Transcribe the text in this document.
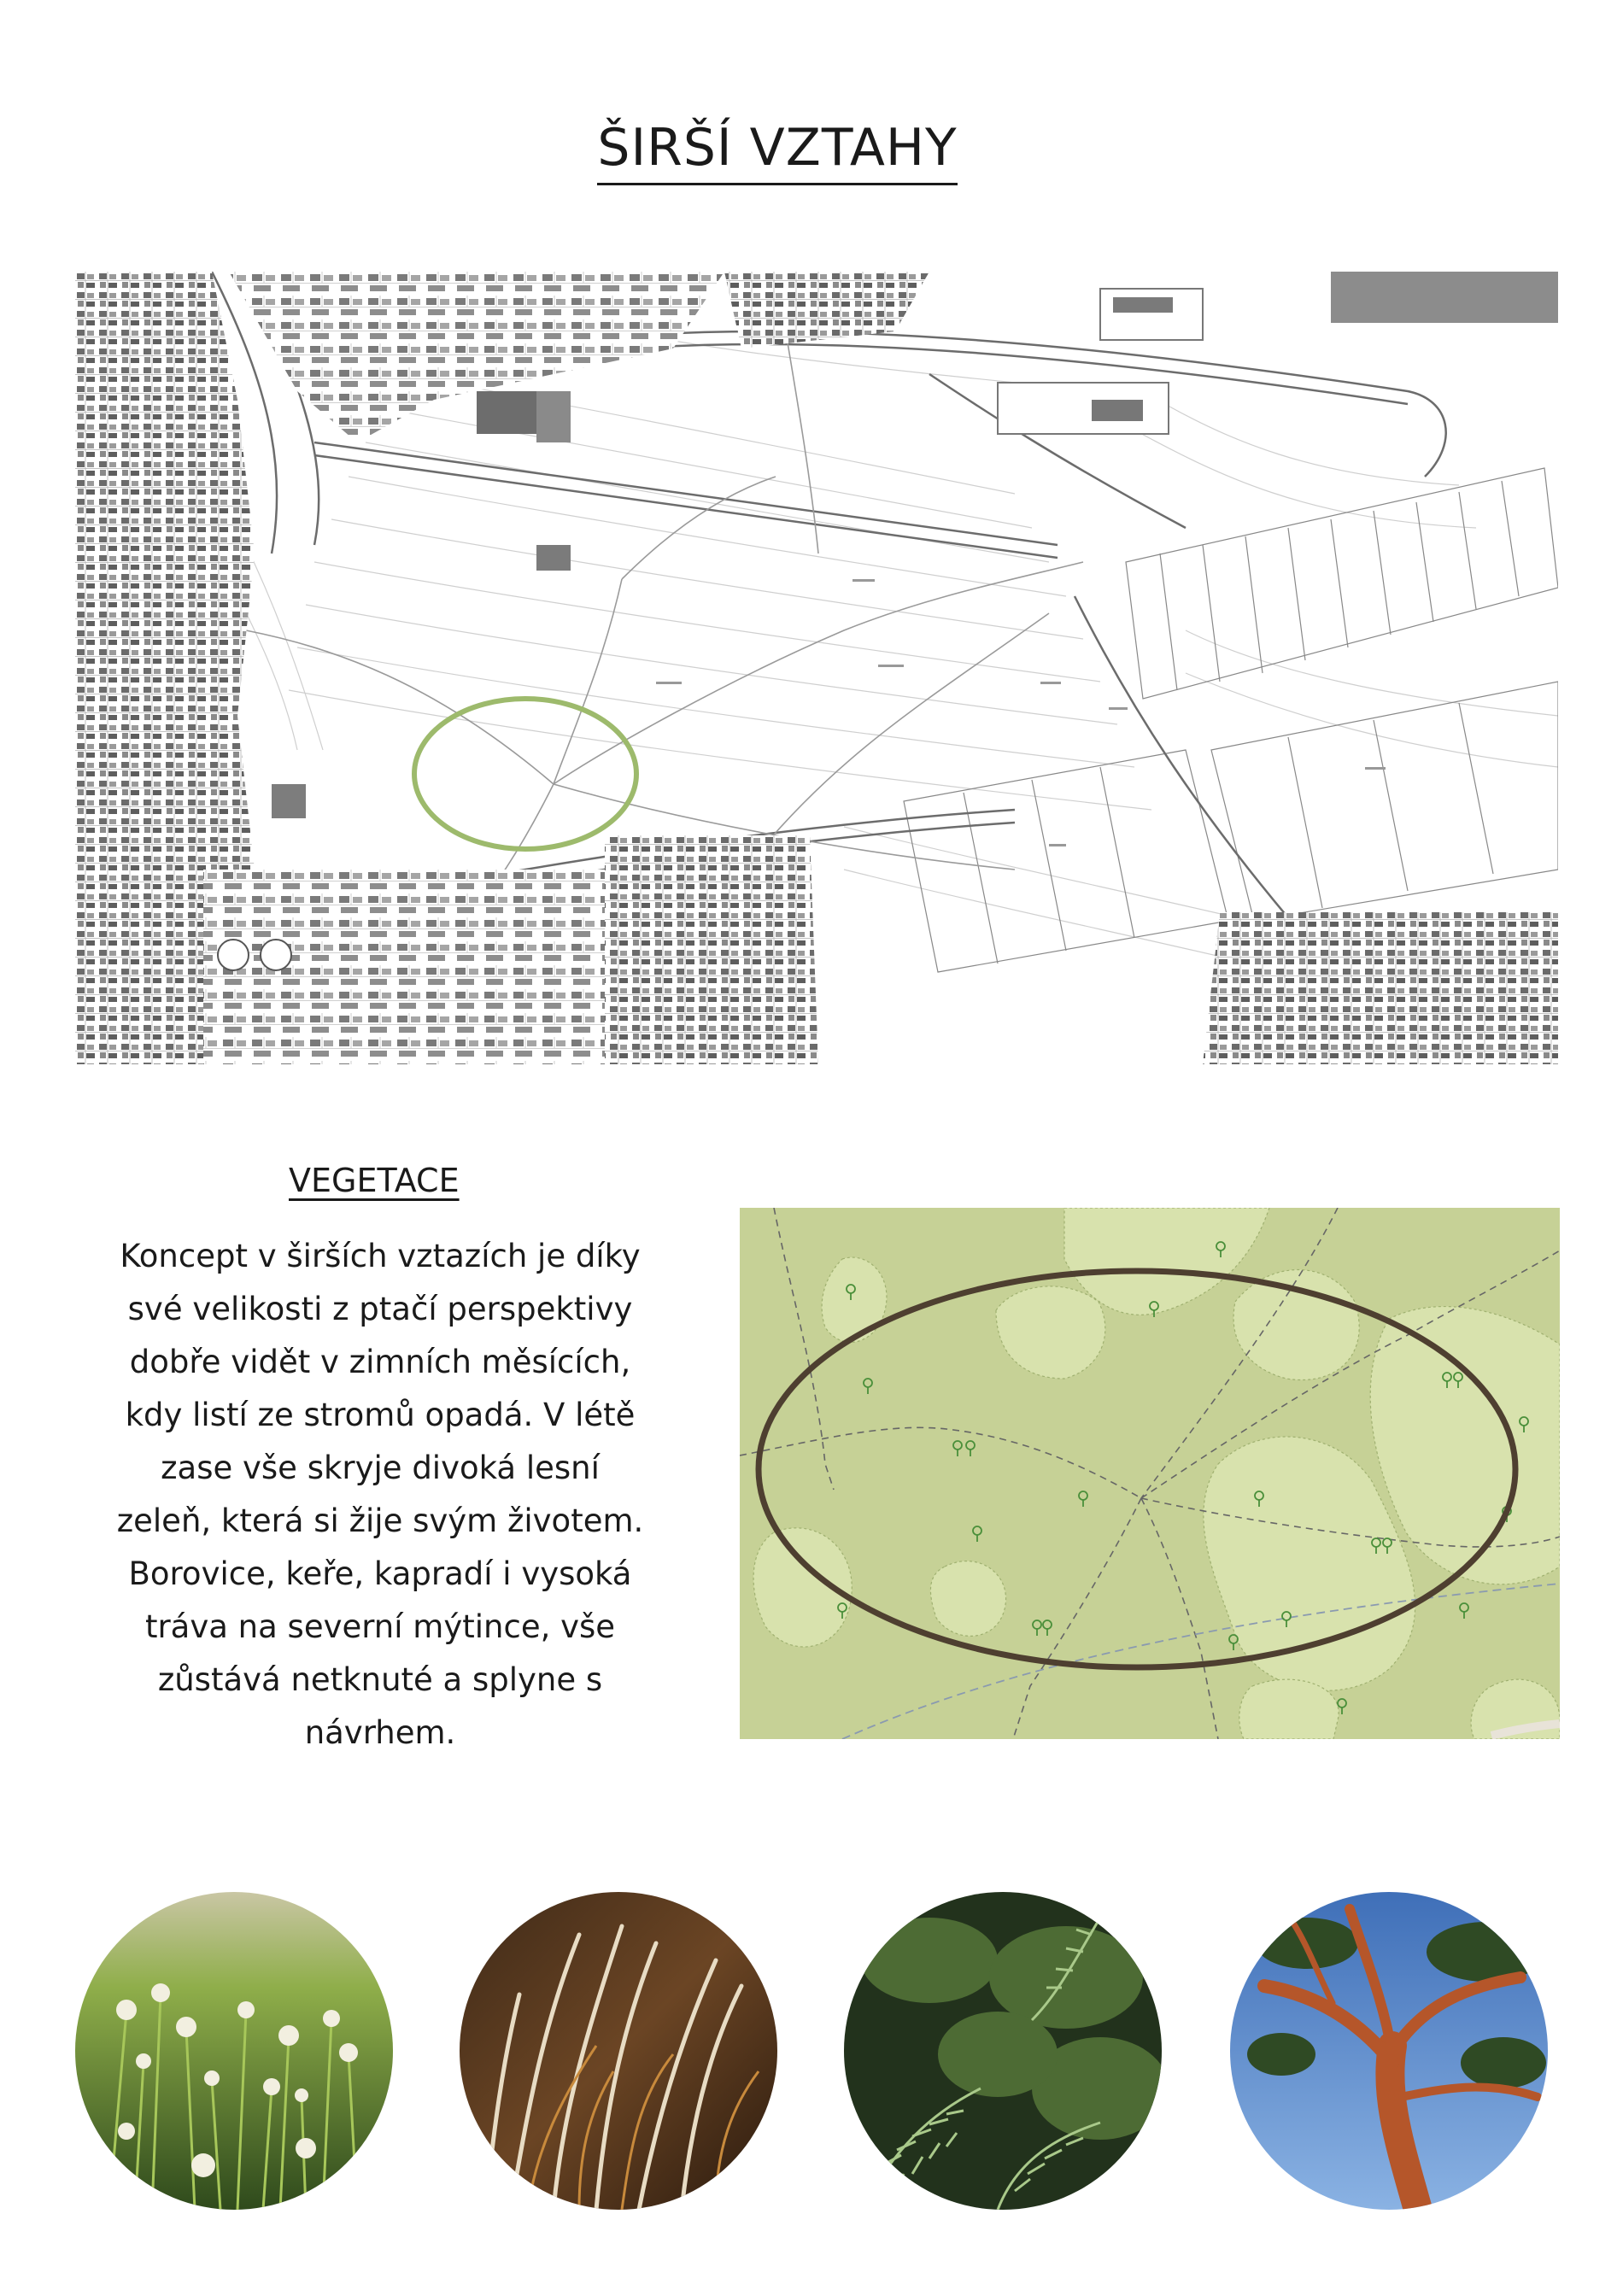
ŠIRŠÍ VZTAHY
VEGETACE
Koncept v širších vztazích je díky
své velikosti z ptačí perspektivy
dobře vidět v zimních měsících,
kdy listí ze stromů opadá. V létě
zase vše skryje divoká lesní
zeleň, která si žije svým životem.
Borovice, keře, kapradí i vysoká
tráva na severní mýtince, vše
zůstává netknuté a splyne s
návrhem.
